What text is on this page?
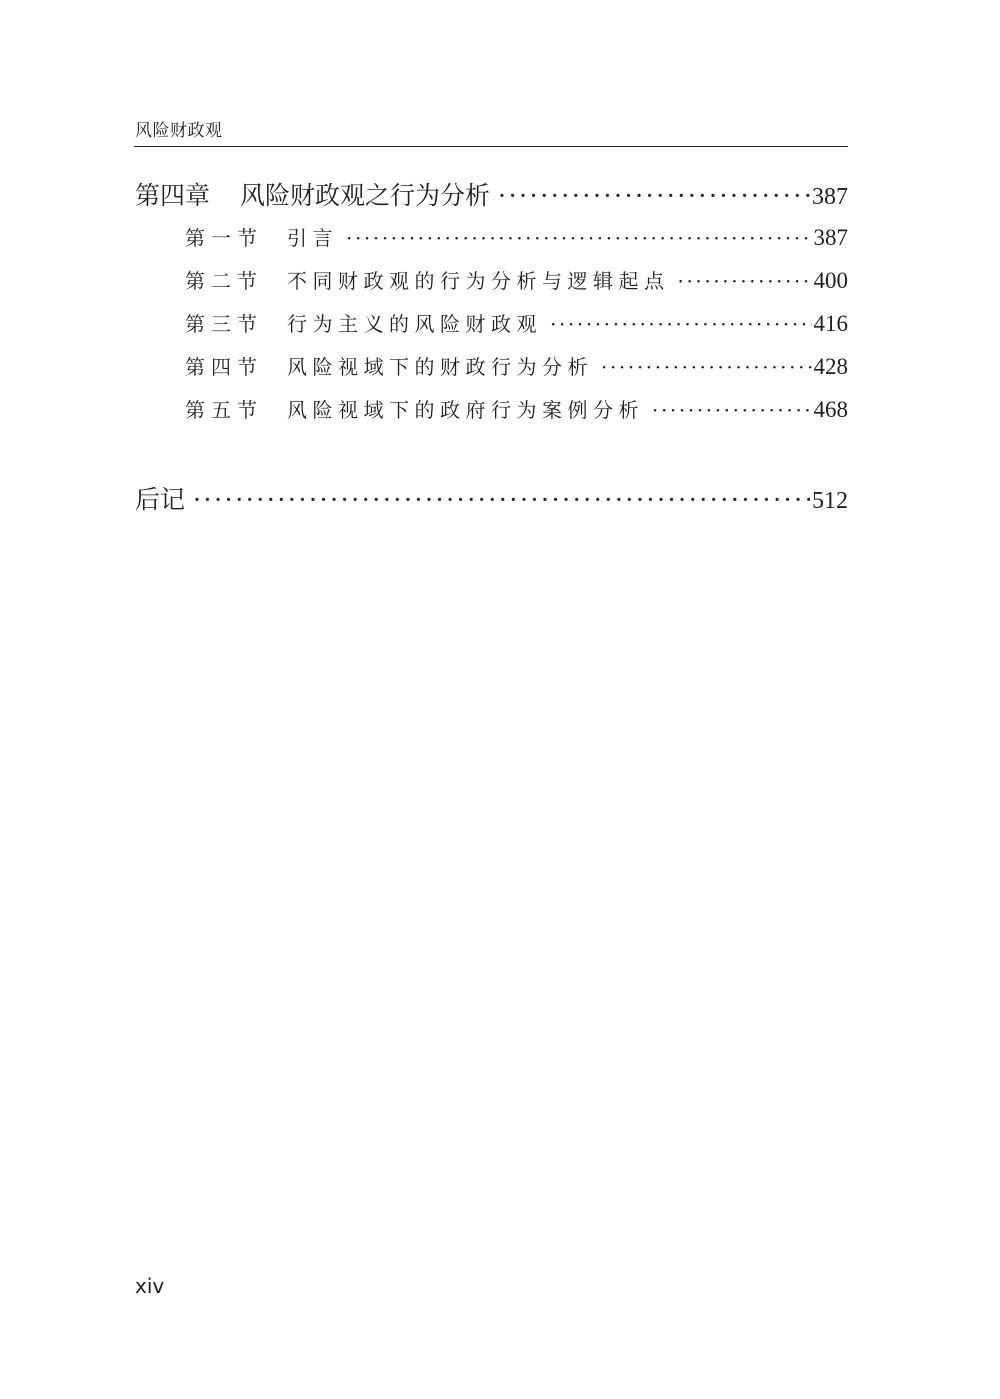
风险财政观
第四章 风险财政观之行为分析 ·····	387
第一节 引言 ·····	387
第二节 不同财政观的行为分析与逻辑起点 ·····	400
第三节 行为主义的风险财政观 ·····	416
第四节 风险视域下的财政行为分析 ·····	428
第五节 风险视域下的政府行为案例分析 ·····	468
后记 ·····	512
xiv
